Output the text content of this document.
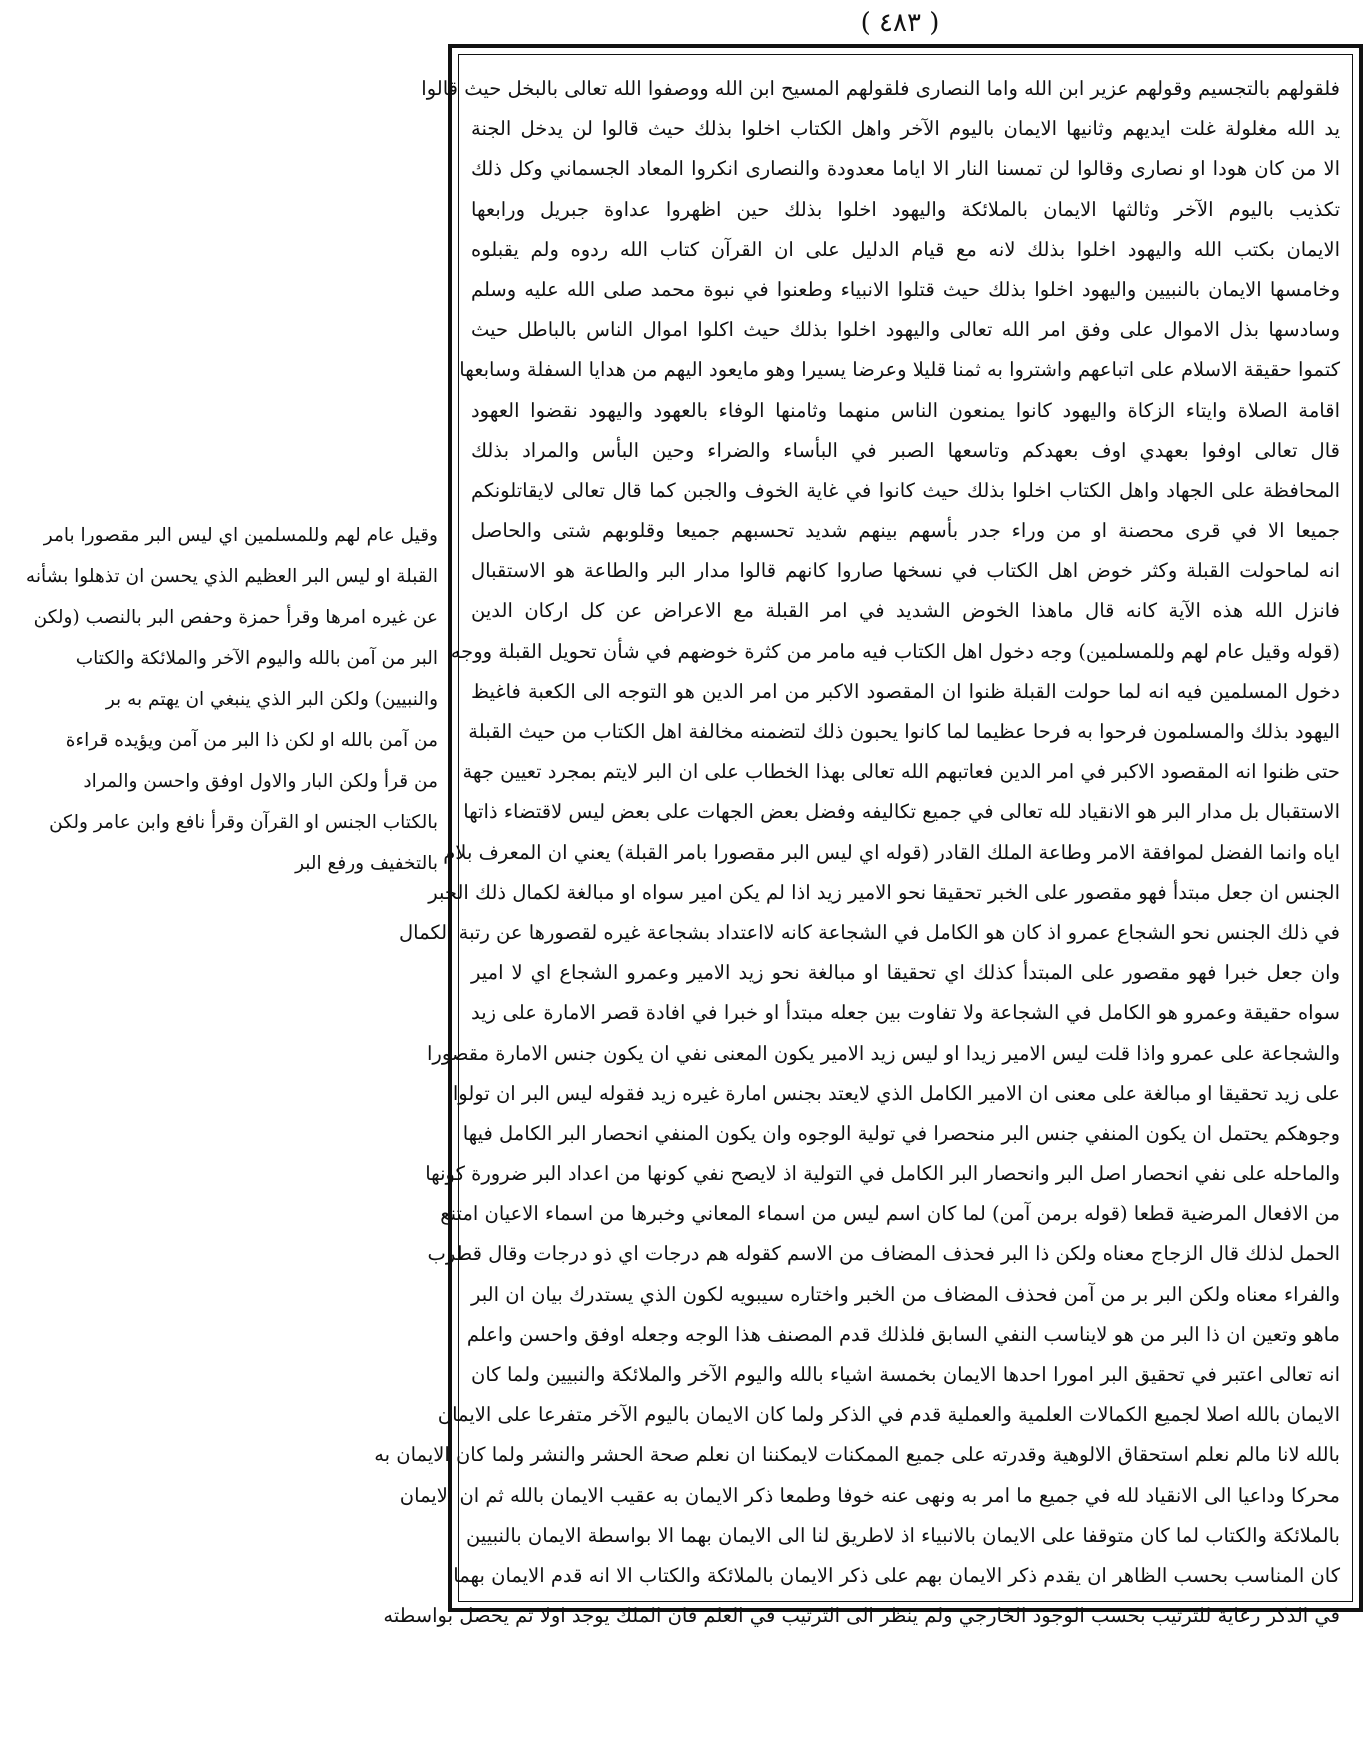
( ٤٨٣ )
فلقولهم بالتجسيم وقولهم عزير ابن الله واما النصارى فلقولهم المسيح ابن الله ووصفوا الله تعالى بالبخل حيث قالوا
يد الله مغلولة غلت ايديهم وثانيها الايمان باليوم الآخر واهل الكتاب اخلوا بذلك حيث قالوا لن يدخل الجنة
الا من كان هودا او نصارى وقالوا لن تمسنا النار الا اياما معدودة والنصارى انكروا المعاد الجسماني وكل ذلك
تكذيب باليوم الآخر وثالثها الايمان بالملائكة واليهود اخلوا بذلك حين اظهروا عداوة جبريل ورابعها
الايمان بكتب الله واليهود اخلوا بذلك لانه مع قيام الدليل على ان القرآن كتاب الله ردوه ولم يقبلوه
وخامسها الايمان بالنبيين واليهود اخلوا بذلك حيث قتلوا الانبياء وطعنوا في نبوة محمد صلى الله عليه وسلم
وسادسها بذل الاموال على وفق امر الله تعالى واليهود اخلوا بذلك حيث اكلوا اموال الناس بالباطل حيث
كتموا حقيقة الاسلام على اتباعهم واشتروا به ثمنا قليلا وعرضا يسيرا وهو مايعود اليهم من هدايا السفلة وسابعها
اقامة الصلاة وايتاء الزكاة واليهود كانوا يمنعون الناس منهما وثامنها الوفاء بالعهود واليهود نقضوا العهود
قال تعالى اوفوا بعهدي اوف بعهدكم وتاسعها الصبر في البأساء والضراء وحين البأس والمراد بذلك
المحافظة على الجهاد واهل الكتاب اخلوا بذلك حيث كانوا في غاية الخوف والجبن كما قال تعالى لايقاتلونكم
جميعا الا في قرى محصنة او من وراء جدر بأسهم بينهم شديد تحسبهم جميعا وقلوبهم شتى والحاصل
انه لماحولت القبلة وكثر خوض اهل الكتاب في نسخها صاروا كانهم قالوا مدار البر والطاعة هو الاستقبال
فانزل الله هذه الآية كانه قال ماهذا الخوض الشديد في امر القبلة مع الاعراض عن كل اركان الدين
(قوله وقيل عام لهم وللمسلمين) وجه دخول اهل الكتاب فيه مامر من كثرة خوضهم في شأن تحويل القبلة ووجه
دخول المسلمين فيه انه لما حولت القبلة ظنوا ان المقصود الاكبر من امر الدين هو التوجه الى الكعبة فاغيظ
اليهود بذلك والمسلمون فرحوا به فرحا عظيما لما كانوا يحبون ذلك لتضمنه مخالفة اهل الكتاب من حيث القبلة
حتى ظنوا انه المقصود الاكبر في امر الدين فعاتبهم الله تعالى بهذا الخطاب على ان البر لايتم بمجرد تعيين جهة
الاستقبال بل مدار البر هو الانقياد لله تعالى في جميع تكاليفه وفضل بعض الجهات على بعض ليس لاقتضاء ذاتها
اياه وانما الفضل لموافقة الامر وطاعة الملك القادر (قوله اي ليس البر مقصورا بامر القبلة) يعني ان المعرف بلام
الجنس ان جعل مبتدأ فهو مقصور على الخبر تحقيقا نحو الامير زيد اذا لم يكن امير سواه او مبالغة لكمال ذلك الخبر
في ذلك الجنس نحو الشجاع عمرو اذ كان هو الكامل في الشجاعة كانه لااعتداد بشجاعة غيره لقصورها عن رتبة الكمال
وان جعل خبرا فهو مقصور على المبتدأ كذلك اي تحقيقا او مبالغة نحو زيد الامير وعمرو الشجاع اي لا امير
سواه حقيقة وعمرو هو الكامل في الشجاعة ولا تفاوت بين جعله مبتدأ او خبرا في افادة قصر الامارة على زيد
والشجاعة على عمرو واذا قلت ليس الامير زيدا او ليس زيد الامير يكون المعنى نفي ان يكون جنس الامارة مقصورا
على زيد تحقيقا او مبالغة على معنى ان الامير الكامل الذي لايعتد بجنس امارة غيره زيد فقوله ليس البر ان تولوا
وجوهكم يحتمل ان يكون المنفي جنس البر منحصرا في تولية الوجوه وان يكون المنفي انحصار البر الكامل فيها
والماحله على نفي انحصار اصل البر وانحصار البر الكامل في التولية اذ لايصح نفي كونها من اعداد البر ضرورة كونها
من الافعال المرضية قطعا (قوله برمن آمن) لما كان اسم ليس من اسماء المعاني وخبرها من اسماء الاعيان امتنع
الحمل لذلك قال الزجاج معناه ولكن ذا البر فحذف المضاف من الاسم كقوله هم درجات اي ذو درجات وقال قطرب
والفراء معناه ولكن البر بر من آمن فحذف المضاف من الخبر واختاره سيبويه لكون الذي يستدرك بيان ان البر
ماهو وتعين ان ذا البر من هو لايناسب النفي السابق فلذلك قدم المصنف هذا الوجه وجعله اوفق واحسن واعلم
انه تعالى اعتبر في تحقيق البر امورا احدها الايمان بخمسة اشياء بالله واليوم الآخر والملائكة والنبيين ولما كان
الايمان بالله اصلا لجميع الكمالات العلمية والعملية قدم في الذكر ولما كان الايمان باليوم الآخر متفرعا على الايمان
بالله لانا مالم نعلم استحقاق الالوهية وقدرته على جميع الممكنات لايمكننا ان نعلم صحة الحشر والنشر ولما كان الايمان به
محركا وداعيا الى الانقياد لله في جميع ما امر به ونهى عنه خوفا وطمعا ذكر الايمان به عقيب الايمان بالله ثم ان الايمان
بالملائكة والكتاب لما كان متوقفا على الايمان بالانبياء اذ لاطريق لنا الى الايمان بهما الا بواسطة الايمان بالنبيين
كان المناسب بحسب الظاهر ان يقدم ذكر الايمان بهم على ذكر الايمان بالملائكة والكتاب الا انه قدم الايمان بهما
في الذكر رعاية للترتيب بحسب الوجود الخارجي ولم ينظر الى الترتيب في العلم فان الملك يوجد اولا ثم يحصل بواسطته
وقيل عام لهم وللمسلمين اي ليس البر مقصورا بامر
القبلة او ليس البر العظيم الذي يحسن ان تذهلوا بشأنه
عن غيره امرها وقرأ حمزة وحفص البر بالنصب (ولكن
البر من آمن بالله واليوم الآخر والملائكة والكتاب
والنبيين) ولكن البر الذي ينبغي ان يهتم به بر
من آمن بالله او لكن ذا البر من آمن ويؤيده قراءة
من قرأ ولكن البار والاول اوفق واحسن والمراد
بالكتاب الجنس او القرآن وقرأ نافع وابن عامر ولكن
بالتخفيف ورفع البر
